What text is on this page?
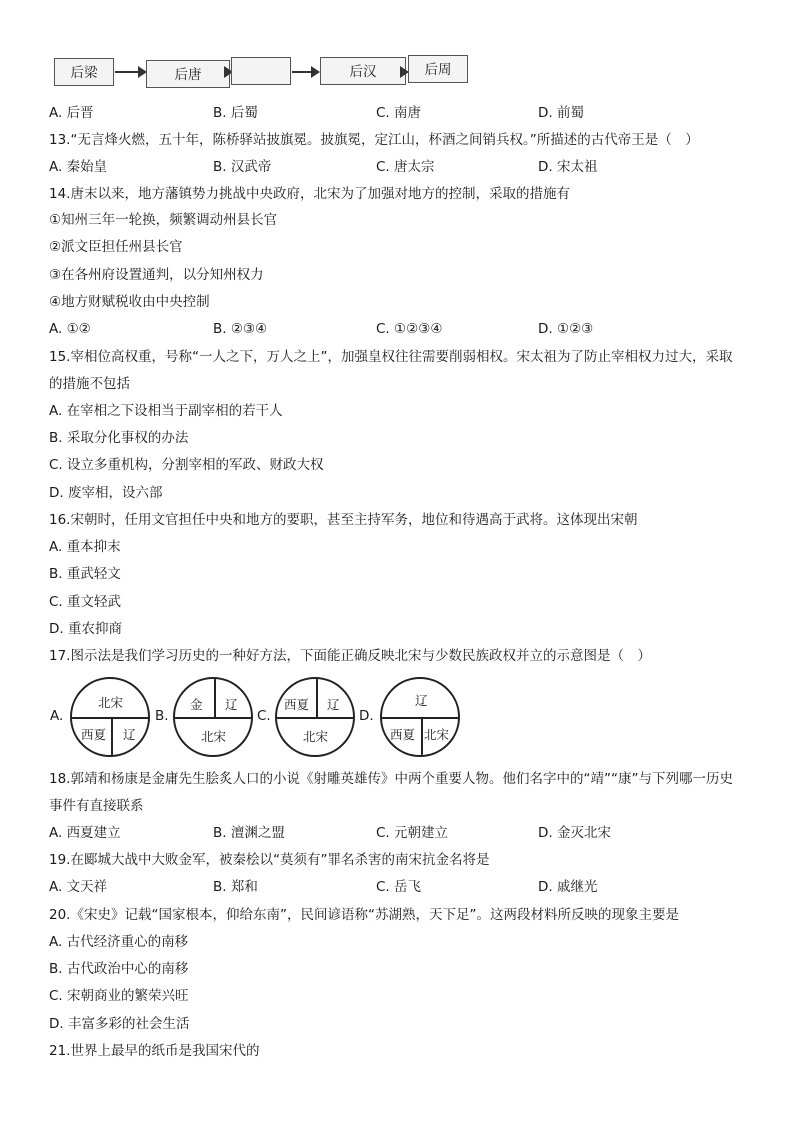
后梁	后唐	后汉	后周
A. 后晋	B. 后蜀	C. 南唐	D. 前蜀
13.“无言烽火燃，五十年，陈桥驿站披旗冕。披旗冕，定江山，杯酒之间销兵权。”所描述的古代帝王是（　）
A. 秦始皇	B. 汉武帝	C. 唐太宗	D. 宋太祖
14.唐末以来，地方藩镇势力挑战中央政府，北宋为了加强对地方的控制，采取的措施有
①知州三年一轮换，频繁调动州县长官
②派文臣担任州县长官
③在各州府设置通判，以分知州权力
④地方财赋税收由中央控制
A. ①②	B. ②③④	C. ①②③④	D. ①②③
15.宰相位高权重，号称“一人之下，万人之上”，加强皇权往往需要削弱相权。宋太祖为了防止宰相权力过大，采取
的措施不包括
A. 在宰相之下设相当于副宰相的若干人
B. 采取分化事权的办法
C. 设立多重机构，分割宰相的军政、财政大权
D. 废宰相，设六部
16.宋朝时，任用文官担任中央和地方的要职，甚至主持军务，地位和待遇高于武将。这体现出宋朝
A. 重本抑末
B. 重武轻文
C. 重文轻武
D. 重农抑商
17.图示法是我们学习历史的一种好方法，下面能正确反映北宋与少数民族政权并立的示意图是（　）
A.
北宋
西夏 辽
B.
金 辽
北宋
C.
西夏 辽
北宋
D.
辽
西夏 北宋
18.郭靖和杨康是金庸先生脍炙人口的小说《射雕英雄传》中两个重要人物。他们名字中的“靖”“康”与下列哪一历史
事件有直接联系
A. 西夏建立	B. 澶渊之盟	C. 元朝建立	D. 金灭北宋
19.在郾城大战中大败金军，被秦桧以“莫须有”罪名杀害的南宋抗金名将是
A. 文天祥	B. 郑和	C. 岳飞	D. 戚继光
20.《宋史》记载“国家根本，仰给东南”，民间谚语称“苏湖熟，天下足”。这两段材料所反映的现象主要是
A. 古代经济重心的南移
B. 古代政治中心的南移
C. 宋朝商业的繁荣兴旺
D. 丰富多彩的社会生活
21.世界上最早的纸币是我国宋代的
